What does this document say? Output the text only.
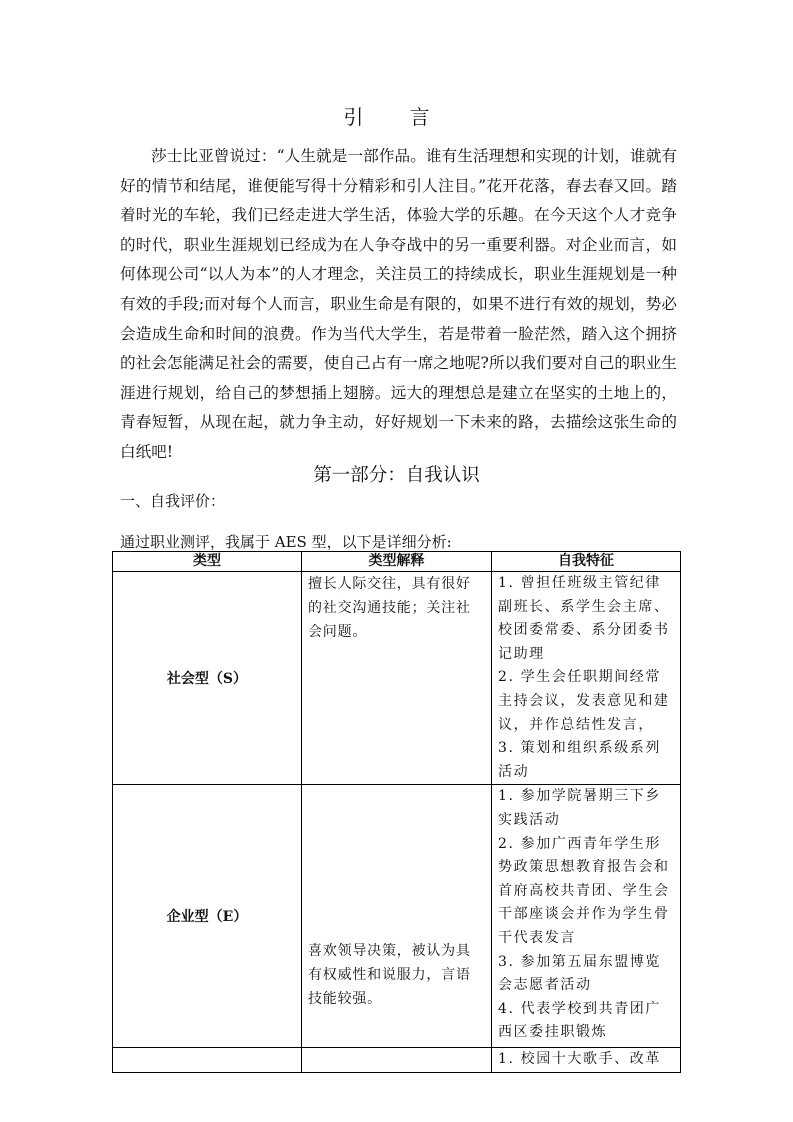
引 言

莎士比亚曾说过：“人生就是一部作品。谁有生活理想和实现的计划，谁就有好的情节和结尾，谁便能写得十分精彩和引人注目。”花开花落，春去春又回。踏着时光的车轮，我们已经走进大学生活，体验大学的乐趣。在今天这个人才竞争的时代，职业生涯规划已经成为在人争夺战中的另一重要利器。对企业而言，如何体现公司“以人为本”的人才理念，关注员工的持续成长，职业生涯规划是一种有效的手段;而对每个人而言，职业生命是有限的，如果不进行有效的规划，势必会造成生命和时间的浪费。作为当代大学生，若是带着一脸茫然，踏入这个拥挤的社会怎能满足社会的需要，使自己占有一席之地呢?所以我们要对自己的职业生涯进行规划，给自己的梦想插上翅膀。远大的理想总是建立在坚实的土地上的，青春短暂，从现在起，就力争主动，好好规划一下未来的路，去描绘这张生命的白纸吧!

第一部分：自我认识

一、自我评价：

通过职业测评，我属于 AES 型，以下是详细分析:

类型	类型解释	自我特征
社会型（S）	擅长人际交往，具有很好的社交沟通技能；关注社会问题。	1. 曾担任班级主管纪律副班长、系学生会主席、校团委常委、系分团委书记助理
2. 学生会任职期间经常主持会议，发表意见和建议，并作总结性发言，
3. 策划和组织系级系列活动

企业型（E）	喜欢领导决策，被认为具有权威性和说服力，言语技能较强。	1. 参加学院暑期三下乡实践活动
2. 参加广西青年学生形势政策思想教育报告会和首府高校共青团、学生会干部座谈会并作为学生骨干代表发言
3. 参加第五届东盟博览会志愿者活动
4. 代表学校到共青团广西区委挂职锻炼

		1. 校园十大歌手、改革
